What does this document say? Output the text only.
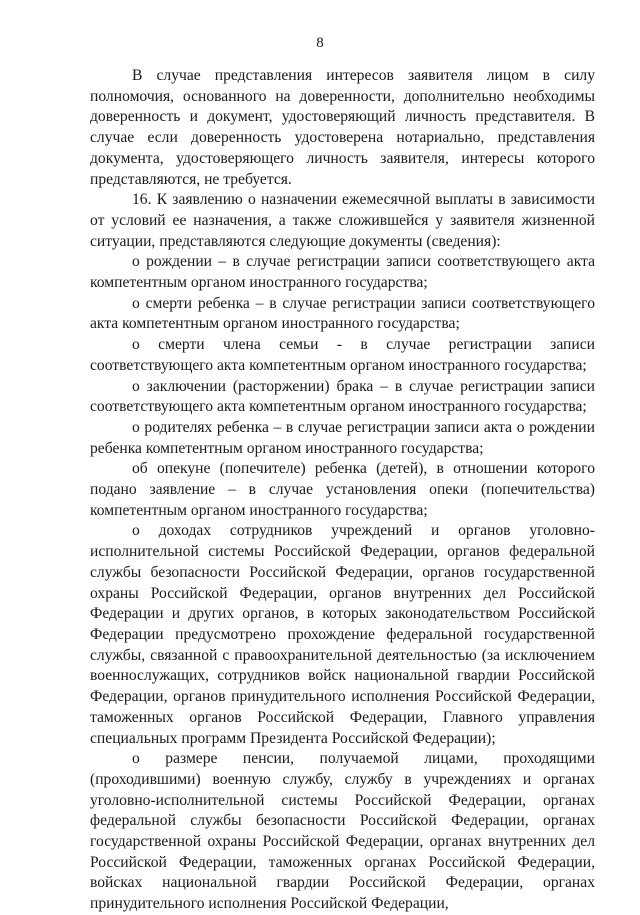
8

В случае представления интересов заявителя лицом в силу полномочия, основанного на доверенности, дополнительно необходимы доверенность и документ, удостоверяющий личность представителя. В случае если доверенность удостоверена нотариально, представления документа, удостоверяющего личность заявителя, интересы которого представляются, не требуется.

16. К заявлению о назначении ежемесячной выплаты в зависимости от условий ее назначения, а также сложившейся у заявителя жизненной ситуации, представляются следующие документы (сведения):

о рождении – в случае регистрации записи соответствующего акта компетентным органом иностранного государства;

о смерти ребенка – в случае регистрации записи соответствующего акта компетентным органом иностранного государства;

о смерти члена семьи - в случае регистрации записи соответствующего акта компетентным органом иностранного государства;

о заключении (расторжении) брака – в случае регистрации записи соответствующего акта компетентным органом иностранного государства;

о родителях ребенка – в случае регистрации записи акта о рождении ребенка компетентным органом иностранного государства;

об опекуне (попечителе) ребенка (детей), в отношении которого подано заявление – в случае установления опеки (попечительства) компетентным органом иностранного государства;

о доходах сотрудников учреждений и органов уголовно-исполнительной системы Российской Федерации, органов федеральной службы безопасности Российской Федерации, органов государственной охраны Российской Федерации, органов внутренних дел Российской Федерации и других органов, в которых законодательством Российской Федерации предусмотрено прохождение федеральной государственной службы, связанной с правоохранительной деятельностью (за исключением военнослужащих, сотрудников войск национальной гвардии Российской Федерации, органов принудительного исполнения Российской Федерации, таможенных органов Российской Федерации, Главного управления специальных программ Президента Российской Федерации);

о размере пенсии, получаемой лицами, проходящими (проходившими) военную службу, службу в учреждениях и органах уголовно-исполнительной системы Российской Федерации, органах федеральной службы безопасности Российской Федерации, органах государственной охраны Российской Федерации, органах внутренних дел Российской Федерации, таможенных органах Российской Федерации, войсках национальной гвардии Российской Федерации, органах принудительного исполнения Российской Федерации,
